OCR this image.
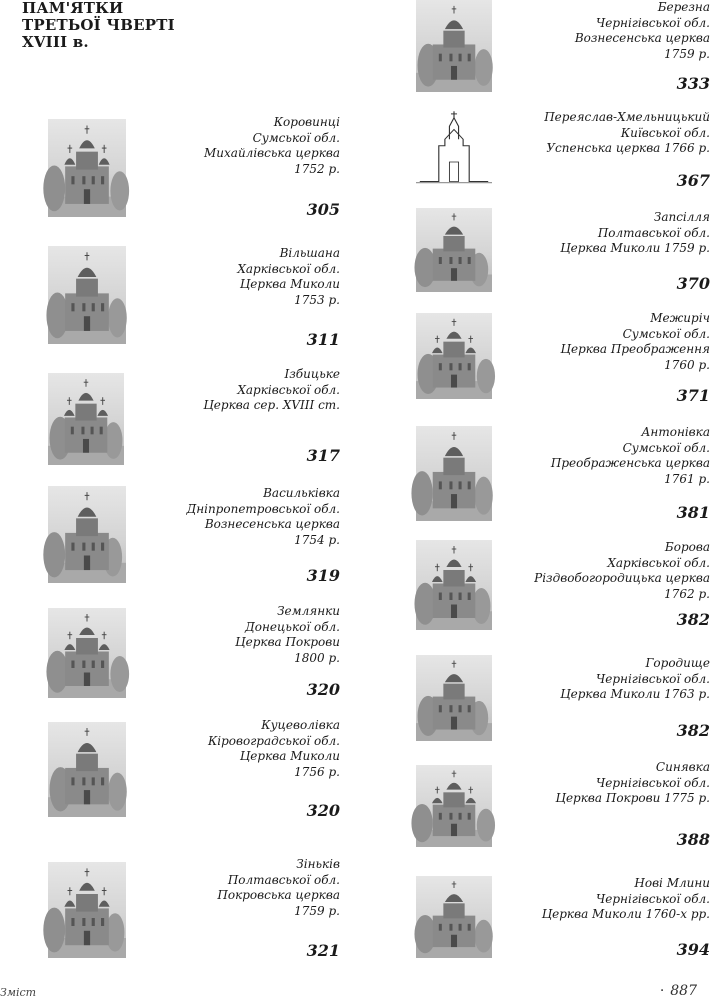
ПАМ'ЯТКИ
ТРЕТЬОЇ ЧВЕРТІ
XVIII в.
Коровинці
Сумської обл.
Михайлівська церква
1752 р.
305
Вільшана
Харківської обл.
Церква Миколи
1753 р.
311
Ізбицьке
Харківської обл.
Церква сер. XVIII ст.
317
Васильківка
Дніпропетровської обл.
Вознесенська церква
1754 р.
319
Землянки
Донецької обл.
Церква Покрови
1800 р.
320
Куцеволівка
Кіровоградської обл.
Церква Миколи
1756 р.
320
Зіньків
Полтавської обл.
Покровська церква
1759 р.
321
Березна
Чернігівської обл.
Вознесенська церква
1759 р.
333
Переяслав-Хмельницький
Київської обл.
Успенська церква 1766 р.
367
Запсілля
Полтавської обл.
Церква Миколи 1759 р.
370
Межиріч
Сумської обл.
Церква Преображення
1760 р.
371
Антонівка
Сумської обл.
Преображенська церква
1761 р.
381
Борова
Харківської обл.
Різдвобогородицька церква
1762 р.
382
Городище
Чернігівської обл.
Церква Миколи 1763 р.
382
Синявка
Чернігівської обл.
Церква Покрови 1775 р.
388
Нові Млини
Чернігівської обл.
Церква Миколи 1760-х рр.
394
Зміст	· 887
